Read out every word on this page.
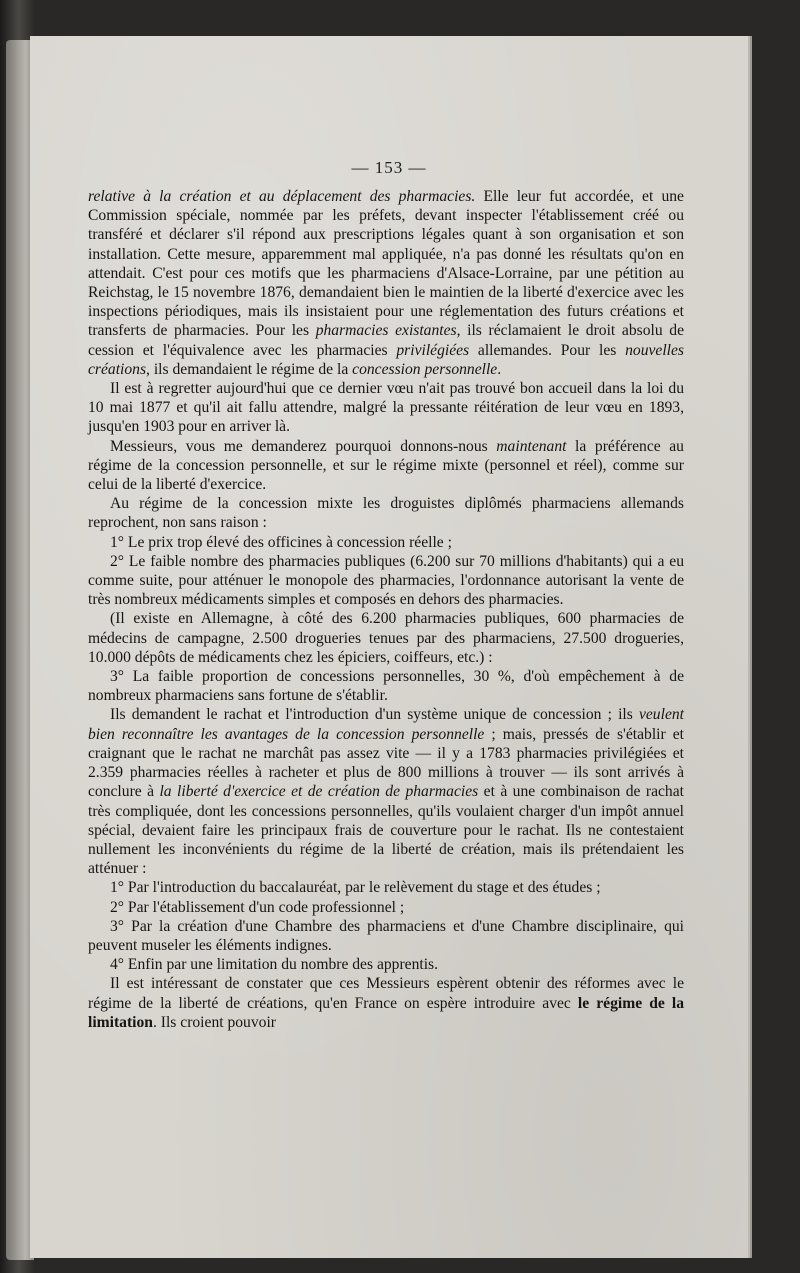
— 153 —

relative à la création et au déplacement des pharmacies. Elle leur fut accordée, et une Commission spéciale, nommée par les préfets, devant inspecter l'établissement créé ou transféré et déclarer s'il répond aux prescriptions légales quant à son organisation et son installation. Cette mesure, apparemment mal appliquée, n'a pas donné les résultats qu'on en attendait. C'est pour ces motifs que les pharmaciens d'Alsace-Lorraine, par une pétition au Reichstag, le 15 novembre 1876, demandaient bien le maintien de la liberté d'exercice avec les inspections périodiques, mais ils insistaient pour une réglementation des futurs créations et transferts de pharmacies. Pour les pharmacies existantes, ils réclamaient le droit absolu de cession et l'équivalence avec les pharmacies privilégiées allemandes. Pour les nouvelles créations, ils demandaient le régime de la concession personnelle.

Il est à regretter aujourd'hui que ce dernier vœu n'ait pas trouvé bon accueil dans la loi du 10 mai 1877 et qu'il ait fallu attendre, malgré la pressante réitération de leur vœu en 1893, jusqu'en 1903 pour en arriver là.

Messieurs, vous me demanderez pourquoi donnons-nous maintenant la préférence au régime de la concession personnelle, et sur le régime mixte (personnel et réel), comme sur celui de la liberté d'exercice.

Au régime de la concession mixte les droguistes diplômés pharmaciens allemands reprochent, non sans raison :

1° Le prix trop élevé des officines à concession réelle ;

2° Le faible nombre des pharmacies publiques (6.200 sur 70 millions d'habitants) qui a eu comme suite, pour atténuer le monopole des pharmacies, l'ordonnance autorisant la vente de très nombreux médicaments simples et composés en dehors des pharmacies.

(Il existe en Allemagne, à côté des 6.200 pharmacies publiques, 600 pharmacies de médecins de campagne, 2.500 drogueries tenues par des pharmaciens, 27.500 drogueries, 10.000 dépôts de médicaments chez les épiciers, coiffeurs, etc.) :

3° La faible proportion de concessions personnelles, 30 %, d'où empêchement à de nombreux pharmaciens sans fortune de s'établir.

Ils demandent le rachat et l'introduction d'un système unique de concession ; ils veulent bien reconnaître les avantages de la concession personnelle ; mais, pressés de s'établir et craignant que le rachat ne marchât pas assez vite — il y a 1783 pharmacies privilégiées et 2.359 pharmacies réelles à racheter et plus de 800 millions à trouver — ils sont arrivés à conclure à la liberté d'exercice et de création de pharmacies et à une combinaison de rachat très compliquée, dont les concessions personnelles, qu'ils voulaient charger d'un impôt annuel spécial, devaient faire les principaux frais de couverture pour le rachat. Ils ne contestaient nullement les inconvénients du régime de la liberté de création, mais ils prétendaient les atténuer :

1° Par l'introduction du baccalauréat, par le relèvement du stage et des études ;

2° Par l'établissement d'un code professionnel ;

3° Par la création d'une Chambre des pharmaciens et d'une Chambre disciplinaire, qui peuvent museler les éléments indignes.

4° Enfin par une limitation du nombre des apprentis.

Il est intéressant de constater que ces Messieurs espèrent obtenir des réformes avec le régime de la liberté de créations, qu'en France on espère introduire avec le régime de la limitation. Ils croient pouvoir
